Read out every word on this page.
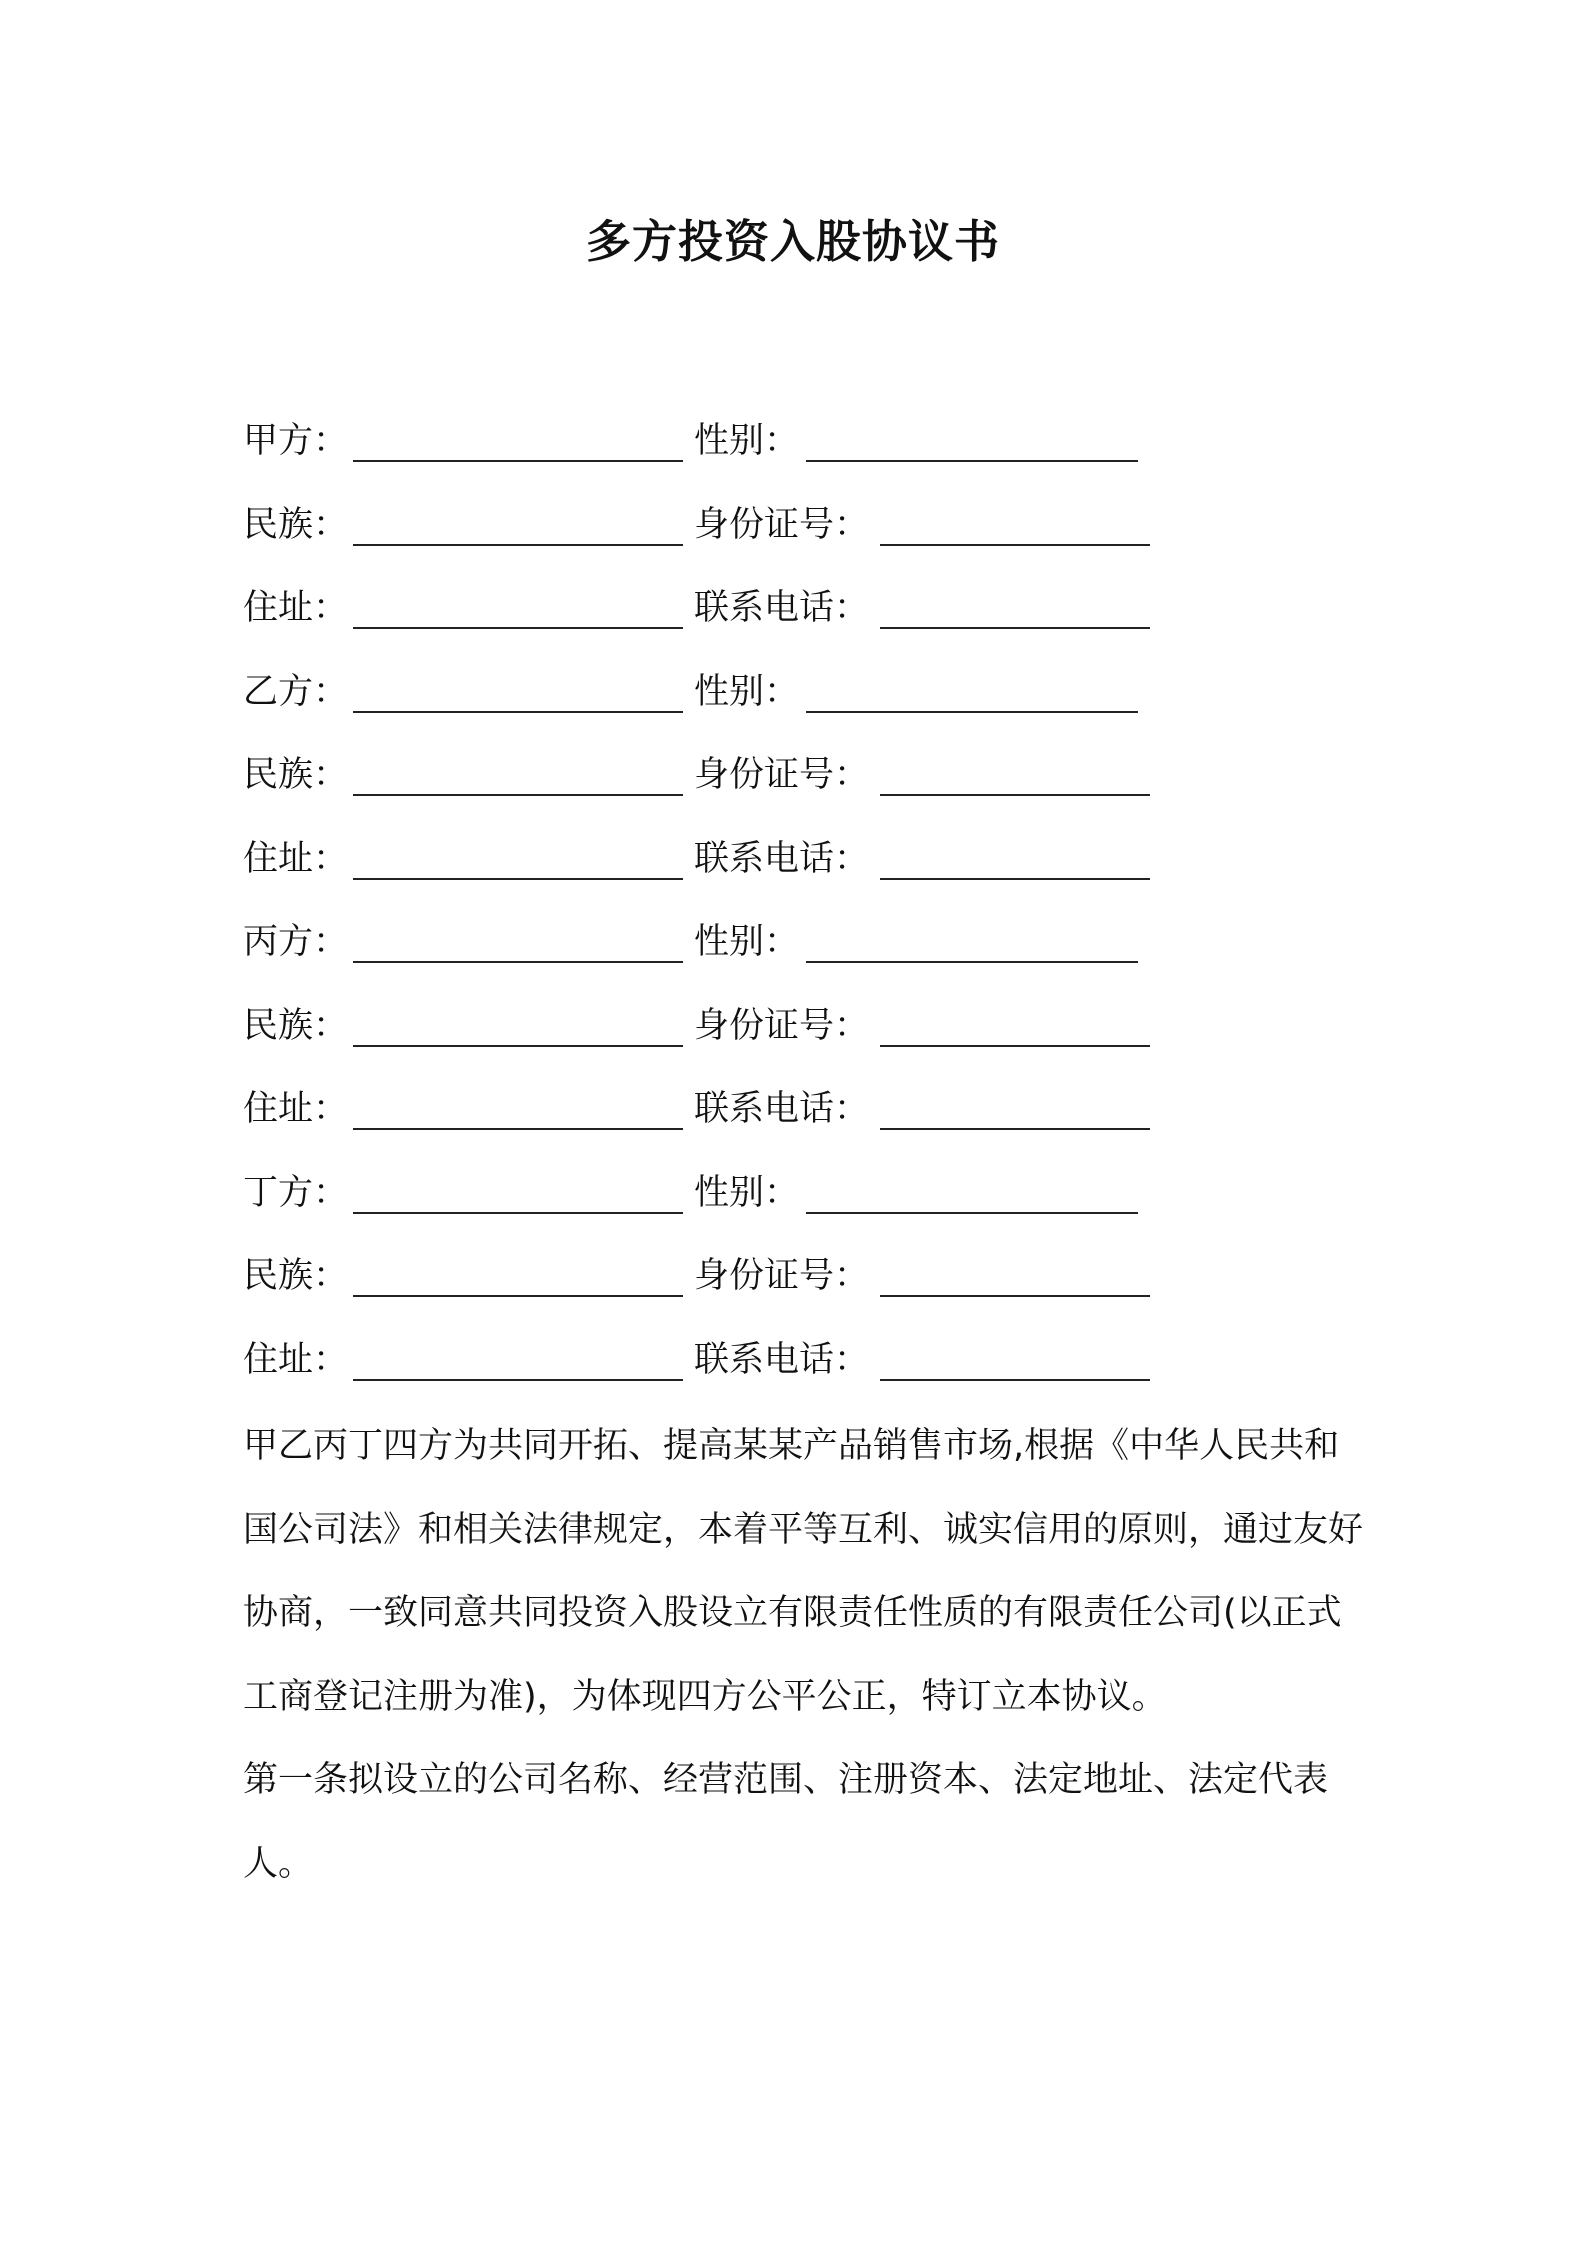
多方投资入股协议书
甲方：	性别：
民族：	身份证号：
住址：	联系电话：
乙方：	性别：
民族：	身份证号：
住址：	联系电话：
丙方：	性别：
民族：	身份证号：
住址：	联系电话：
丁方：	性别：
民族：	身份证号：
住址：	联系电话：

甲乙丙丁四方为共同开拓、提高某某产品销售市场,根据《中华人民共和国公司法》和相关法律规定，本着平等互利、诚实信用的原则，通过友好协商，一致同意共同投资入股设立有限责任性质的有限责任公司(以正式工商登记注册为准)，为体现四方公平公正，特订立本协议。

第一条拟设立的公司名称、经营范围、注册资本、法定地址、法定代表人。
